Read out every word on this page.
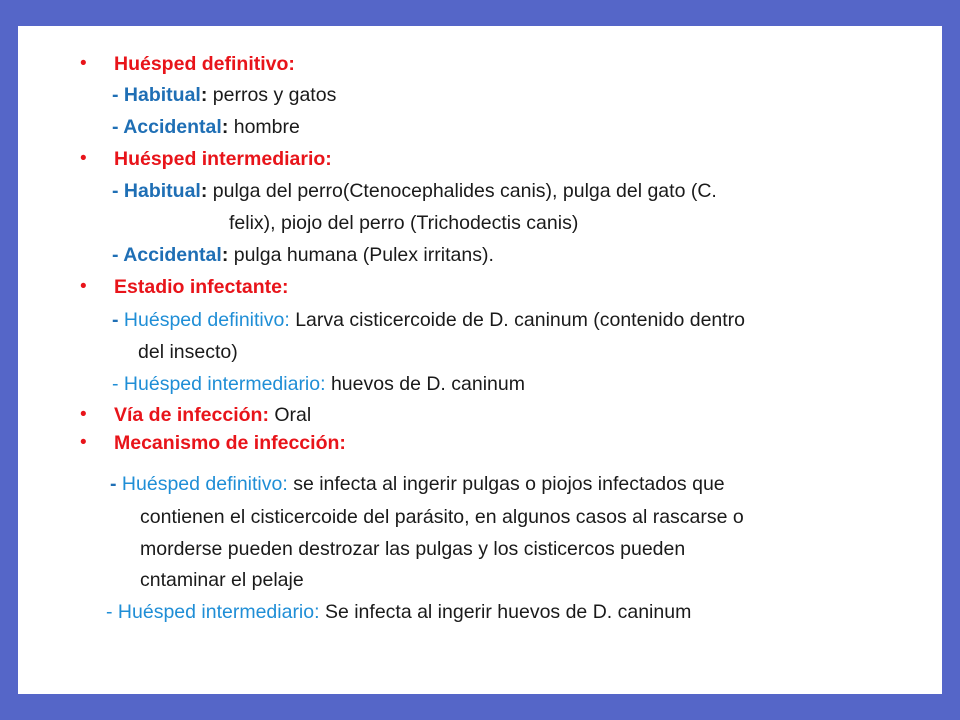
• Huésped definitivo:
- Habitual: perros y gatos
- Accidental: hombre
• Huésped intermediario:
- Habitual: pulga del perro(Ctenocephalides canis), pulga del gato (C.
felix), piojo del perro (Trichodectis canis)
- Accidental: pulga humana (Pulex irritans).
• Estadio infectante:
- Huésped definitivo: Larva cisticercoide de D. caninum (contenido dentro
del insecto)
- Huésped intermediario: huevos de D. caninum
• Vía de infección: Oral
• Mecanismo de infección:
- Huésped definitivo: se infecta al ingerir pulgas o piojos infectados que
contienen el cisticercoide del parásito, en algunos casos al rascarse o
morderse pueden destrozar las pulgas y los cisticercos pueden
cntaminar el pelaje
- Huésped intermediario: Se infecta al ingerir huevos de D. caninum
